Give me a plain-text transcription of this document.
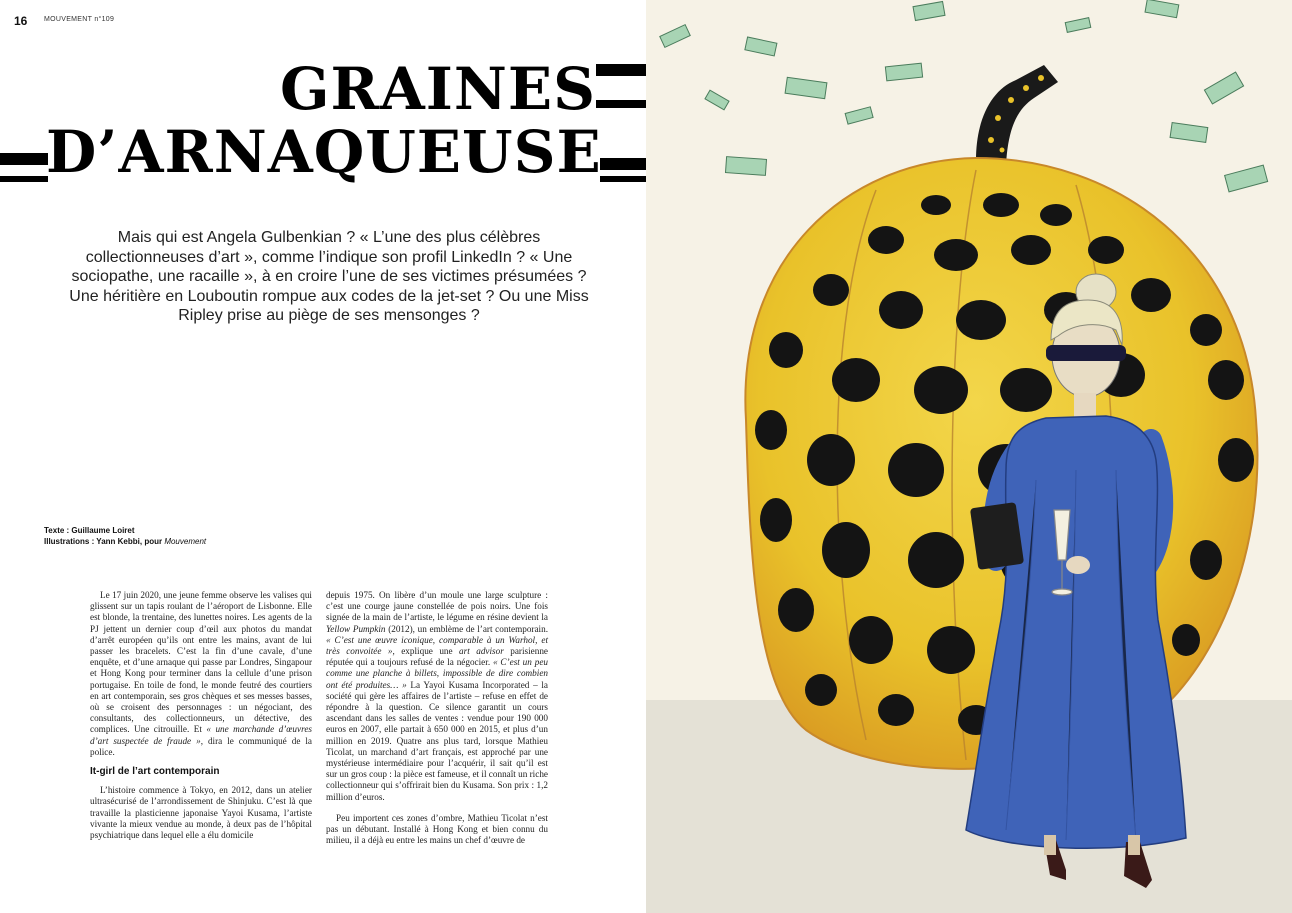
16 MOUVEMENT n°109
GRAINES
D’ARNAQUEUSE
Mais qui est Angela Gulbenkian ? « L’une des plus célèbres collectionneuses d’art », comme l’indique son profil LinkedIn ? « Une sociopathe, une racaille », à en croire l’une de ses victimes présumées ? Une héritière en Louboutin rompue aux codes de la jet-set ? Ou une Miss Ripley prise au piège de ses mensonges ?
Texte : Guillaume Loiret
Illustrations : Yann Kebbi, pour Mouvement

Le 17 juin 2020, une jeune femme observe les valises qui glissent sur un tapis roulant de l’aéroport de Lisbonne. Elle est blonde, la trentaine, des lunettes noires. Les agents de la PJ jettent un dernier coup d’œil aux photos du mandat d’arrêt européen qu’ils ont entre les mains, avant de lui passer les bracelets. C’est la fin d’une cavale, d’une enquête, et d’une arnaque qui passe par Londres, Singapour et Hong Kong pour terminer dans la cellule d’une prison portugaise. En toile de fond, le monde feutré des courtiers en art contemporain, ses gros chèques et ses messes basses, où se croisent des personnages : un négociant, des consultants, des collectionneurs, un détective, des complices. Une citrouille. Et « une marchande d’œuvres d’art suspectée de fraude », dira le communiqué de la police.

It-girl de l’art contemporain

L’histoire commence à Tokyo, en 2012, dans un atelier ultrasécurisé de l’arrondissement de Shinjuku. C’est là que travaille la plasticienne japonaise Yayoi Kusama, l’artiste vivante la mieux vendue au monde, à deux pas de l’hôpital psychiatrique dans lequel elle a élu domicile

depuis 1975. On libère d’un moule une large sculpture : c’est une courge jaune constellée de pois noirs. Une fois signée de la main de l’artiste, le légume en résine devient la Yellow Pumpkin (2012), un emblème de l’art contemporain. « C’est une œuvre iconique, comparable à un Warhol, et très convoitée », explique une art advisor parisienne réputée qui a toujours refusé de la négocier. « C’est un peu comme une planche à billets, impossible de dire combien ont été produites… » La Yayoi Kusama Incorporated – la société qui gère les affaires de l’artiste – refuse en effet de répondre à la question. Ce silence garantit un cours ascendant dans les salles de ventes : vendue pour 190 000 euros en 2007, elle partait à 650 000 en 2015, et plus d’un million en 2019. Quatre ans plus tard, lorsque Mathieu Ticolat, un marchand d’art français, est approché par une mystérieuse intermédiaire pour l’acquérir, il sait qu’il est sur un gros coup : la pièce est fameuse, et il connaît un riche collectionneur qui s’offrirait bien du Kusama. Son prix : 1,2 million d’euros.

Peu importent ces zones d’ombre, Mathieu Ticolat n’est pas un débutant. Installé à Hong Kong et bien connu du milieu, il a déjà eu entre les mains un chef d’œuvre de
